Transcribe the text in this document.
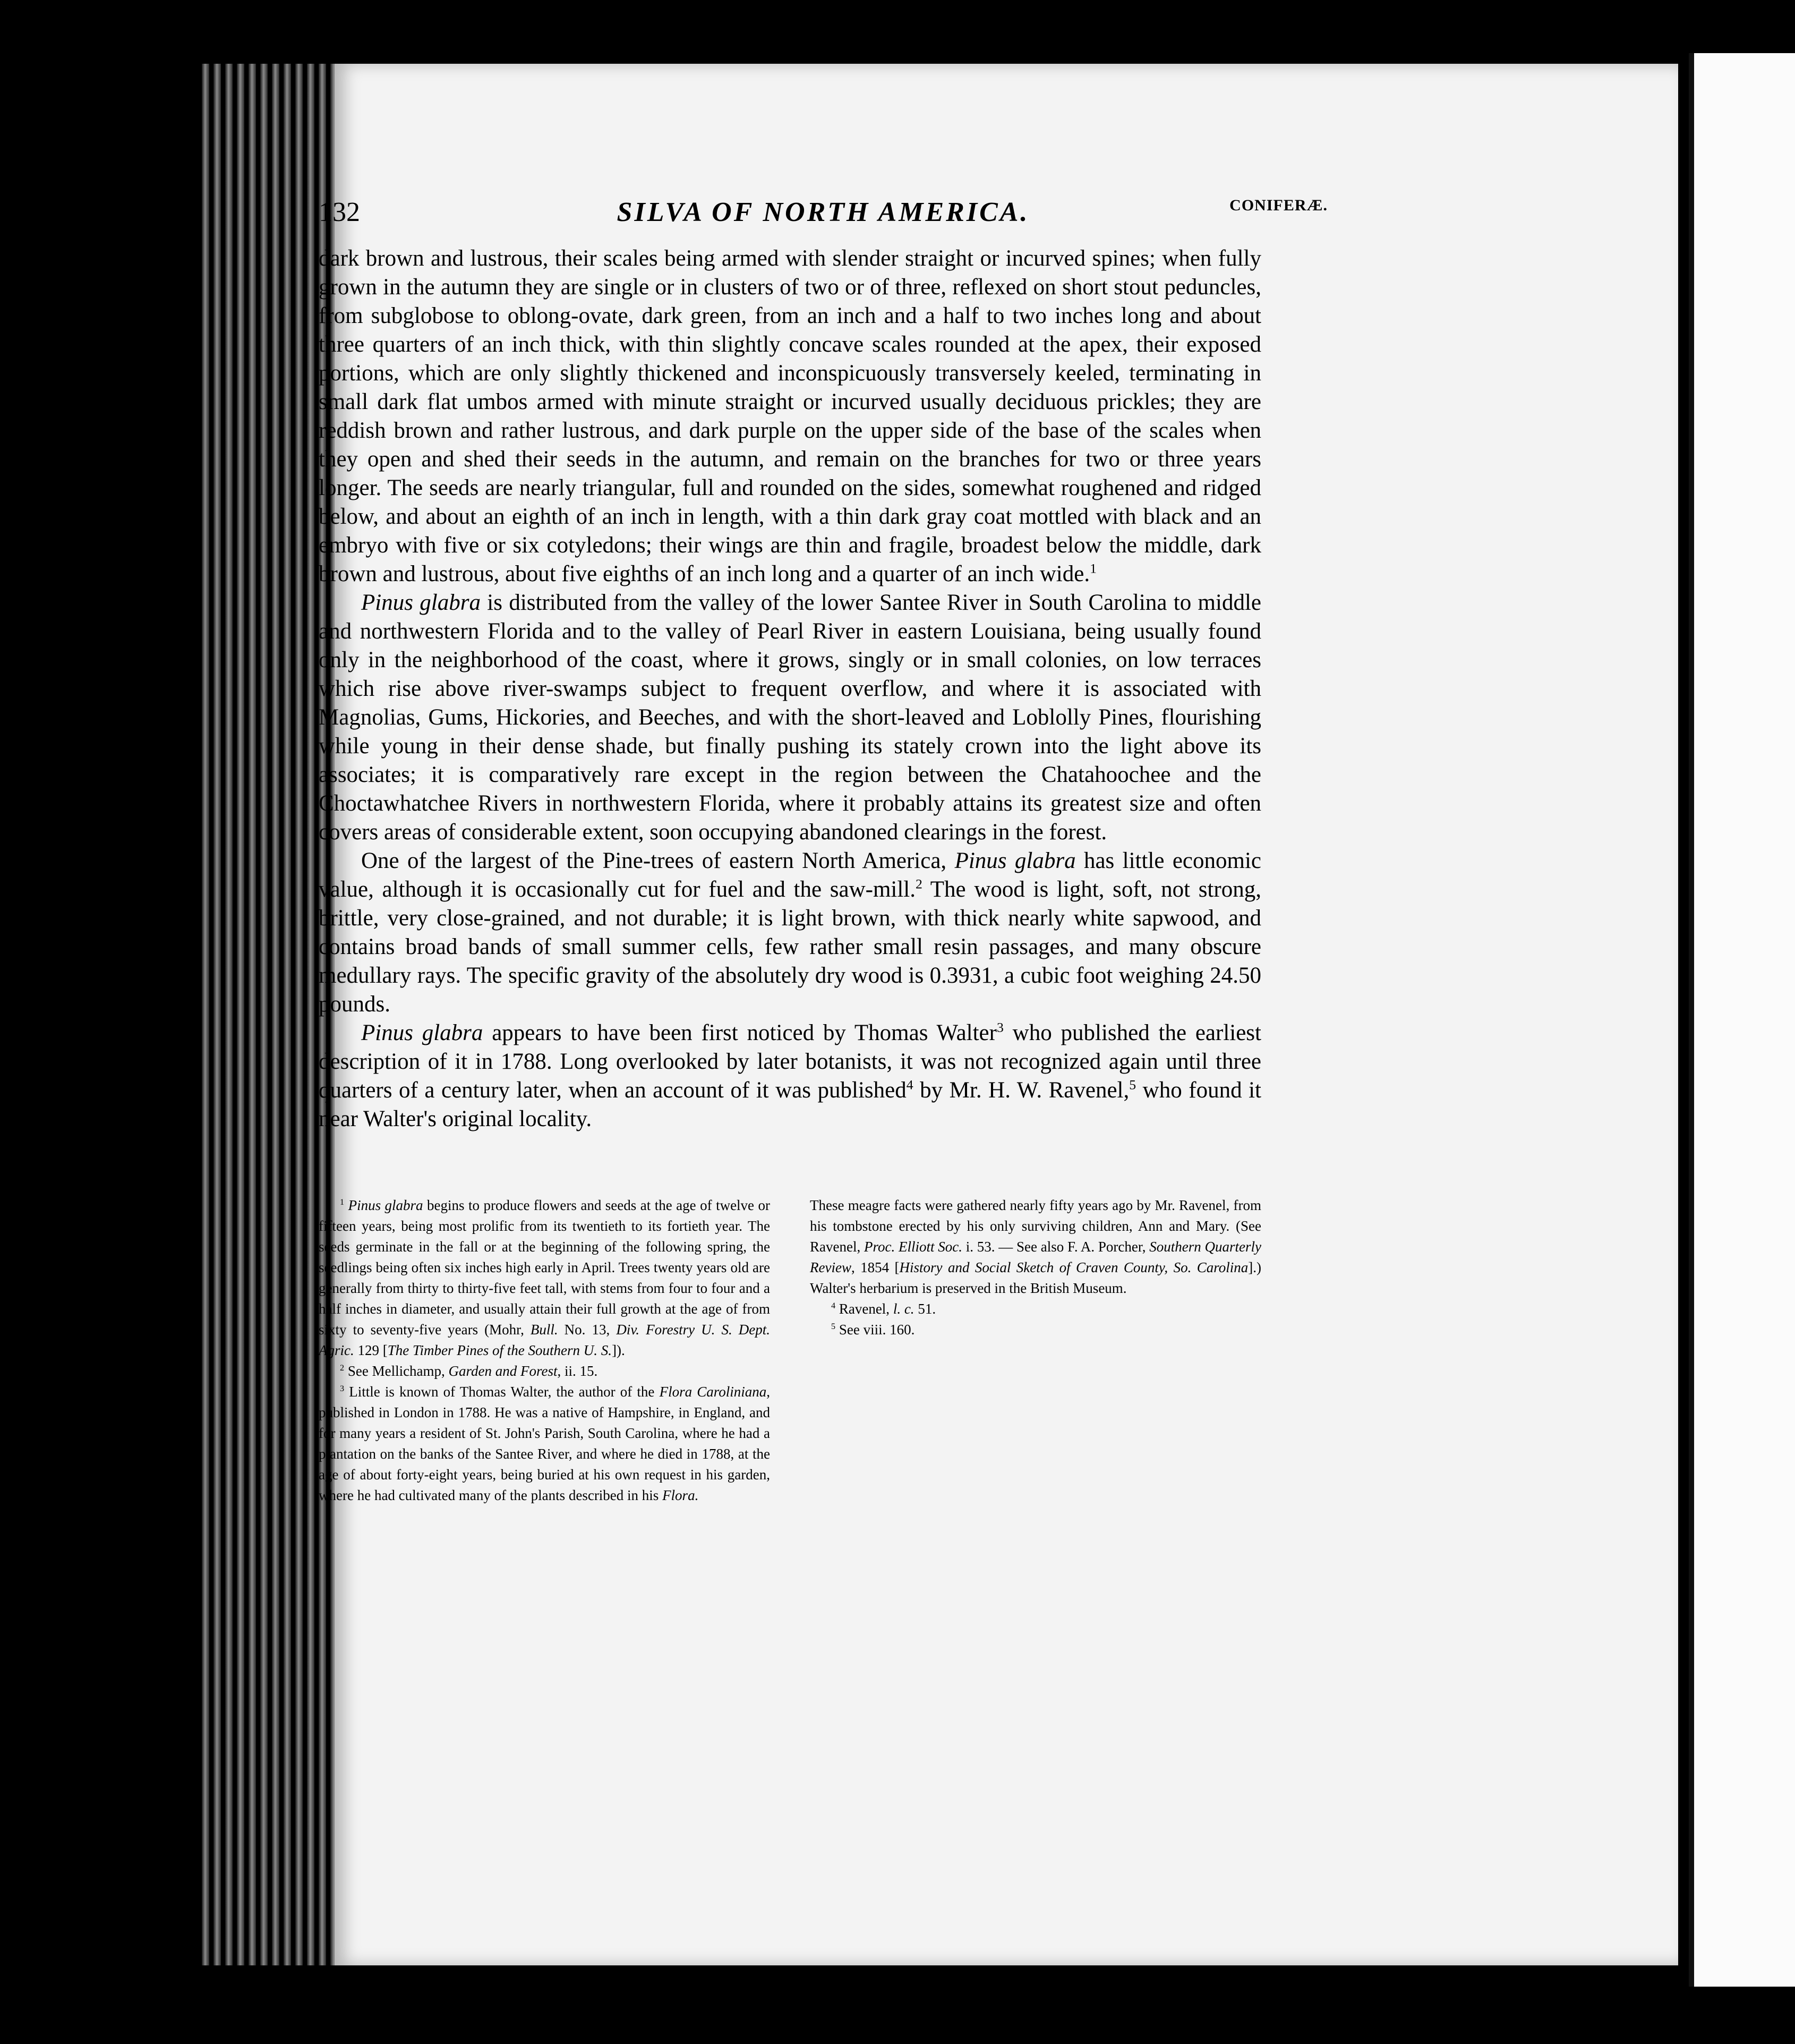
132	SILVA OF NORTH AMERICA.	CONIFERÆ.

dark brown and lustrous, their scales being armed with slender straight or incurved spines; when fully grown in the autumn they are single or in clusters of two or of three, reflexed on short stout peduncles, from subglobose to oblong-ovate, dark green, from an inch and a half to two inches long and about three quarters of an inch thick, with thin slightly concave scales rounded at the apex, their exposed portions, which are only slightly thickened and inconspicuously transversely keeled, terminating in small dark flat umbos armed with minute straight or incurved usually deciduous prickles; they are reddish brown and rather lustrous, and dark purple on the upper side of the base of the scales when they open and shed their seeds in the autumn, and remain on the branches for two or three years longer. The seeds are nearly triangular, full and rounded on the sides, somewhat roughened and ridged below, and about an eighth of an inch in length, with a thin dark gray coat mottled with black and an embryo with five or six cotyledons; their wings are thin and fragile, broadest below the middle, dark brown and lustrous, about five eighths of an inch long and a quarter of an inch wide.$^1$

Pinus glabra is distributed from the valley of the lower Santee River in South Carolina to middle and northwestern Florida and to the valley of Pearl River in eastern Louisiana, being usually found only in the neighborhood of the coast, where it grows, singly or in small colonies, on low terraces which rise above river-swamps subject to frequent overflow, and where it is associated with Magnolias, Gums, Hickories, and Beeches, and with the short-leaved and Loblolly Pines, flourishing while young in their dense shade, but finally pushing its stately crown into the light above its associates; it is comparatively rare except in the region between the Chatahoochee and the Choctawhatchee Rivers in northwestern Florida, where it probably attains its greatest size and often covers areas of considerable extent, soon occupying abandoned clearings in the forest.

One of the largest of the Pine-trees of eastern North America, Pinus glabra has little economic value, although it is occasionally cut for fuel and the saw-mill.$^2$ The wood is light, soft, not strong, brittle, very close-grained, and not durable; it is light brown, with thick nearly white sapwood, and contains broad bands of small summer cells, few rather small resin passages, and many obscure medullary rays. The specific gravity of the absolutely dry wood is 0.3931, a cubic foot weighing 24.50 pounds.

Pinus glabra appears to have been first noticed by Thomas Walter$^3$ who published the earliest description of it in 1788. Long overlooked by later botanists, it was not recognized again until three quarters of a century later, when an account of it was published$^4$ by Mr. H. W. Ravenel,$^5$ who found it near Walter's original locality.

$^1$ Pinus glabra begins to produce flowers and seeds at the age of twelve or fifteen years, being most prolific from its twentieth to its fortieth year. The seeds germinate in the fall or at the beginning of the following spring, the seedlings being often six inches high early in April. Trees twenty years old are generally from thirty to thirty-five feet tall, with stems from four to four and a half inches in diameter, and usually attain their full growth at the age of from sixty to seventy-five years (Mohr, Bull. No. 13, Div. Forestry U. S. Dept. Agric. 129 [The Timber Pines of the Southern U. S.]).

$^2$ See Mellichamp, Garden and Forest, ii. 15.

$^3$ Little is known of Thomas Walter, the author of the Flora Caroliniana, published in London in 1788. He was a native of Hampshire, in England, and for many years a resident of St. John's Parish, South Carolina, where he had a plantation on the banks of the Santee River, and where he died in 1788, at the age of about forty-eight years, being buried at his own request in his garden, where he had cultivated many of the plants described in his Flora.

These meagre facts were gathered nearly fifty years ago by Mr. Ravenel, from his tombstone erected by his only surviving children, Ann and Mary. (See Ravenel, Proc. Elliott Soc. i. 53. — See also F. A. Porcher, Southern Quarterly Review, 1854 [History and Social Sketch of Craven County, So. Carolina].) Walter's herbarium is preserved in the British Museum.

$^4$ Ravenel, l. c. 51.

$^5$ See viii. 160.
